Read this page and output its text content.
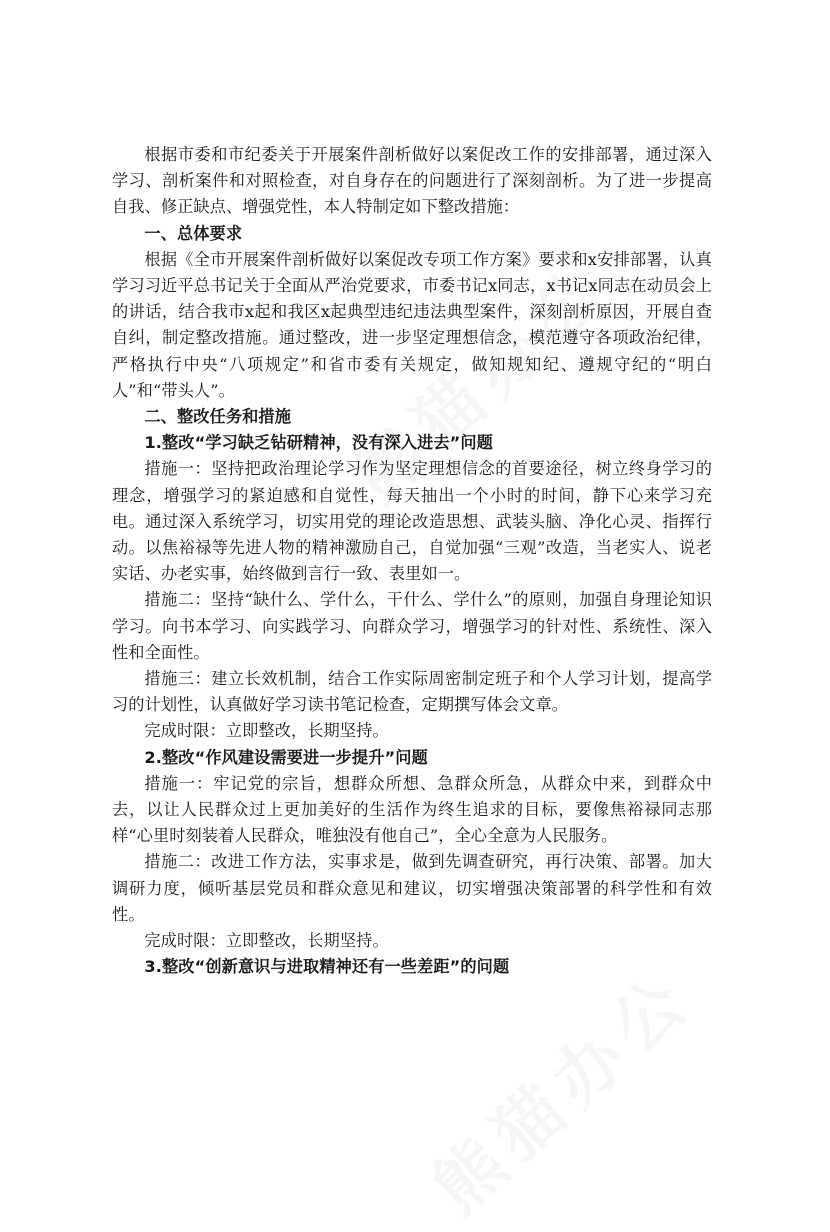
根据市委和市纪委关于开展案件剖析做好以案促改工作的安排部署，通过深入学习、剖析案件和对照检查，对自身存在的问题进行了深刻剖析。为了进一步提高自我、修正缺点、增强党性，本人特制定如下整改措施：

一、总体要求

根据《全市开展案件剖析做好以案促改专项工作方案》要求和x安排部署，认真学习习近平总书记关于全面从严治党要求，市委书记x同志，x书记x同志在动员会上的讲话，结合我市x起和我区x起典型违纪违法典型案件，深刻剖析原因，开展自查自纠，制定整改措施。通过整改，进一步坚定理想信念，模范遵守各项政治纪律，严格执行中央“八项规定”和省市委有关规定，做知规知纪、遵规守纪的“明白人”和“带头人”。

二、整改任务和措施

1.整改“学习缺乏钻研精神，没有深入进去”问题

措施一：坚持把政治理论学习作为坚定理想信念的首要途径，树立终身学习的理念，增强学习的紧迫感和自觉性，每天抽出一个小时的时间，静下心来学习充电。通过深入系统学习，切实用党的理论改造思想、武装头脑、净化心灵、指挥行动。以焦裕禄等先进人物的精神激励自己，自觉加强“三观”改造，当老实人、说老实话、办老实事，始终做到言行一致、表里如一。

措施二：坚持“缺什么、学什么，干什么、学什么”的原则，加强自身理论知识学习。向书本学习、向实践学习、向群众学习，增强学习的针对性、系统性、深入性和全面性。

措施三：建立长效机制，结合工作实际周密制定班子和个人学习计划，提高学习的计划性，认真做好学习读书笔记检查，定期撰写体会文章。

完成时限：立即整改，长期坚持。

2.整改“作风建设需要进一步提升”问题

措施一：牢记党的宗旨，想群众所想、急群众所急，从群众中来，到群众中去，以让人民群众过上更加美好的生活作为终生追求的目标，要像焦裕禄同志那样“心里时刻装着人民群众，唯独没有他自己”，全心全意为人民服务。

措施二：改进工作方法，实事求是，做到先调查研究，再行决策、部署。加大调研力度，倾听基层党员和群众意见和建议，切实增强决策部署的科学性和有效性。

完成时限：立即整改，长期坚持。

3.整改“创新意识与进取精神还有一些差距”的问题
